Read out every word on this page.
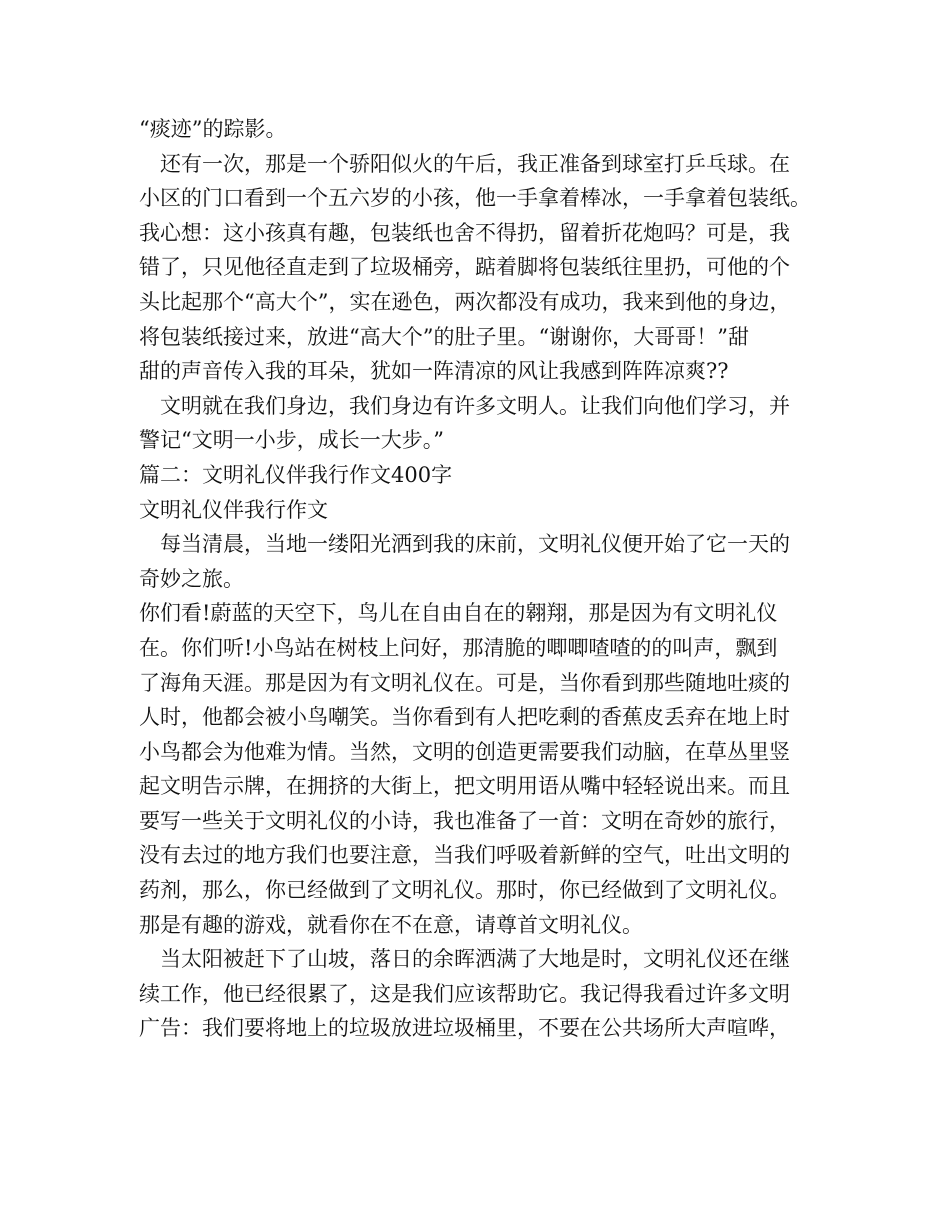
“痰迹”的踪影。
　还有一次，那是一个骄阳似火的午后，我正准备到球室打乒乓球。在
小区的门口看到一个五六岁的小孩，他一手拿着棒冰，一手拿着包装纸。
我心想：这小孩真有趣，包装纸也舍不得扔，留着折花炮吗？可是，我
错了，只见他径直走到了垃圾桶旁，踮着脚将包装纸往里扔，可他的个
头比起那个“高大个”，实在逊色，两次都没有成功，我来到他的身边，
将包装纸接过来，放进“高大个”的肚子里。“谢谢你，大哥哥！”甜
甜的声音传入我的耳朵，犹如一阵清凉的风让我感到阵阵凉爽??
　文明就在我们身边，我们身边有许多文明人。让我们向他们学习，并
警记“文明一小步，成长一大步。”
篇二：文明礼仪伴我行作文400字
文明礼仪伴我行作文
　每当清晨，当地一缕阳光洒到我的床前，文明礼仪便开始了它一天的
奇妙之旅。
你们看!蔚蓝的天空下，鸟儿在自由自在的翱翔，那是因为有文明礼仪
在。你们听!小鸟站在树枝上问好，那清脆的唧唧喳喳的的叫声，飘到
了海角天涯。那是因为有文明礼仪在。可是，当你看到那些随地吐痰的
人时，他都会被小鸟嘲笑。当你看到有人把吃剩的香蕉皮丢弃在地上时
小鸟都会为他难为情。当然，文明的创造更需要我们动脑，在草丛里竖
起文明告示牌，在拥挤的大街上，把文明用语从嘴中轻轻说出来。而且
要写一些关于文明礼仪的小诗，我也准备了一首：文明在奇妙的旅行，
没有去过的地方我们也要注意，当我们呼吸着新鲜的空气，吐出文明的
药剂，那么，你已经做到了文明礼仪。那时，你已经做到了文明礼仪。
那是有趣的游戏，就看你在不在意，请尊首文明礼仪。
　当太阳被赶下了山坡，落日的余晖洒满了大地是时，文明礼仪还在继
续工作，他已经很累了，这是我们应该帮助它。我记得我看过许多文明
广告：我们要将地上的垃圾放进垃圾桶里，不要在公共场所大声喧哗，
